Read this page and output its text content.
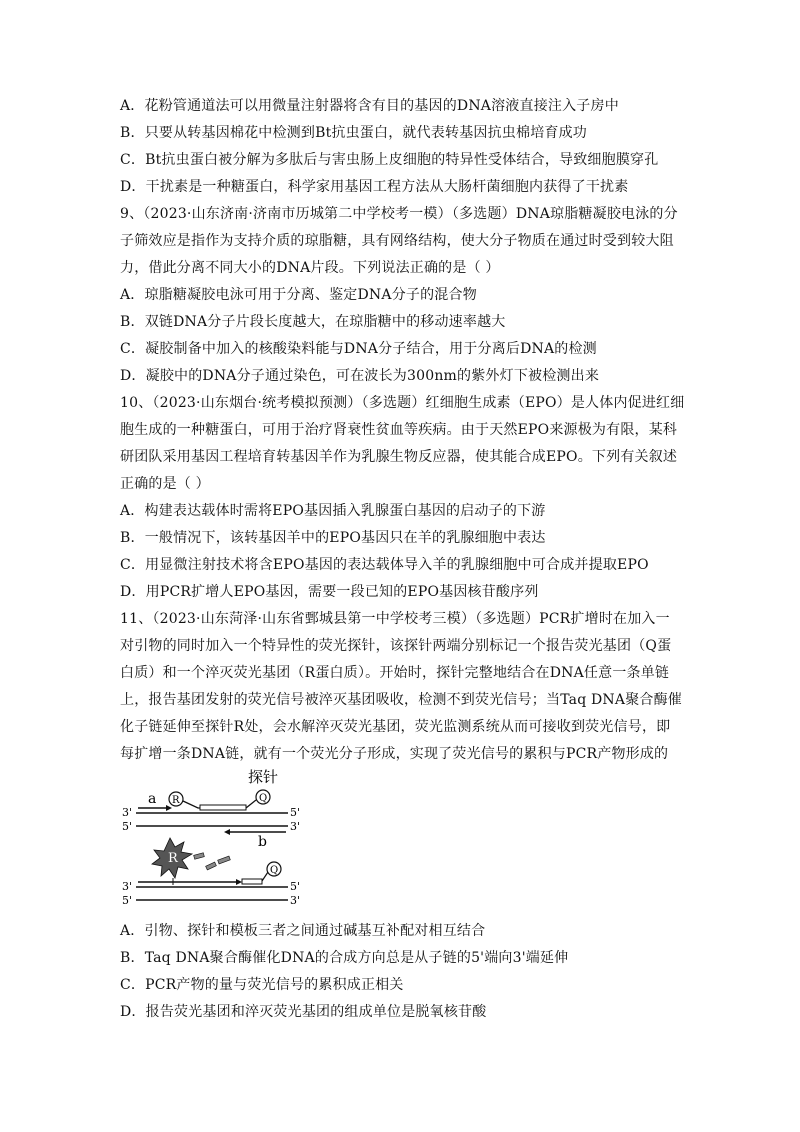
A．花粉管通道法可以用微量注射器将含有目的基因的DNA溶液直接注入子房中
B．只要从转基因棉花中检测到Bt抗虫蛋白，就代表转基因抗虫棉培育成功
C．Bt抗虫蛋白被分解为多肽后与害虫肠上皮细胞的特异性受体结合，导致细胞膜穿孔
D．干扰素是一种糖蛋白，科学家用基因工程方法从大肠杆菌细胞内获得了干扰素
9、（2023·山东济南·济南市历城第二中学校考一模）（多选题）DNA琼脂糖凝胶电泳的分
子筛效应是指作为支持介质的琼脂糖，具有网络结构，使大分子物质在通过时受到较大阻
力，借此分离不同大小的DNA片段。下列说法正确的是（ ）
A．琼脂糖凝胶电泳可用于分离、鉴定DNA分子的混合物
B．双链DNA分子片段长度越大，在琼脂糖中的移动速率越大
C．凝胶制备中加入的核酸染料能与DNA分子结合，用于分离后DNA的检测
D．凝胶中的DNA分子通过染色，可在波长为300nm的紫外灯下被检测出来
10、（2023·山东烟台·统考模拟预测）（多选题）红细胞生成素（EPO）是人体内促进红细
胞生成的一种糖蛋白，可用于治疗肾衰性贫血等疾病。由于天然EPO来源极为有限，某科
研团队采用基因工程培育转基因羊作为乳腺生物反应器，使其能合成EPO。下列有关叙述
正确的是（ ）
A．构建表达载体时需将EPO基因插入乳腺蛋白基因的启动子的下游
B．一般情况下，该转基因羊中的EPO基因只在羊的乳腺细胞中表达
C．用显微注射技术将含EPO基因的表达载体导入羊的乳腺细胞中可合成并提取EPO
D．用PCR扩增人EPO基因，需要一段已知的EPO基因核苷酸序列
11、（2023·山东菏泽·山东省鄄城县第一中学校考三模）（多选题）PCR扩增时在加入一
对引物的同时加入一个特异性的荧光探针，该探针两端分别标记一个报告荧光基团（Q蛋
白质）和一个淬灭荧光基团（R蛋白质）。开始时，探针完整地结合在DNA任意一条单链
上，报告基团发射的荧光信号被淬灭基团吸收，检测不到荧光信号；当Taq DNA聚合酶催
化子链延伸至探针R处，会水解淬灭荧光基团，荧光监测系统从而可接收到荧光信号，即
每扩增一条DNA链，就有一个荧光分子形成，实现了荧光信号的累积与PCR产物形成的
探针
3'	5'
a R	Q
5'	3'
b
R
3'	5'
Q
5'	3'
A．引物、探针和模板三者之间通过碱基互补配对相互结合
B．Taq DNA聚合酶催化DNA的合成方向总是从子链的5'端向3'端延伸
C．PCR产物的量与荧光信号的累积成正相关
D．报告荧光基团和淬灭荧光基团的组成单位是脱氧核苷酸
